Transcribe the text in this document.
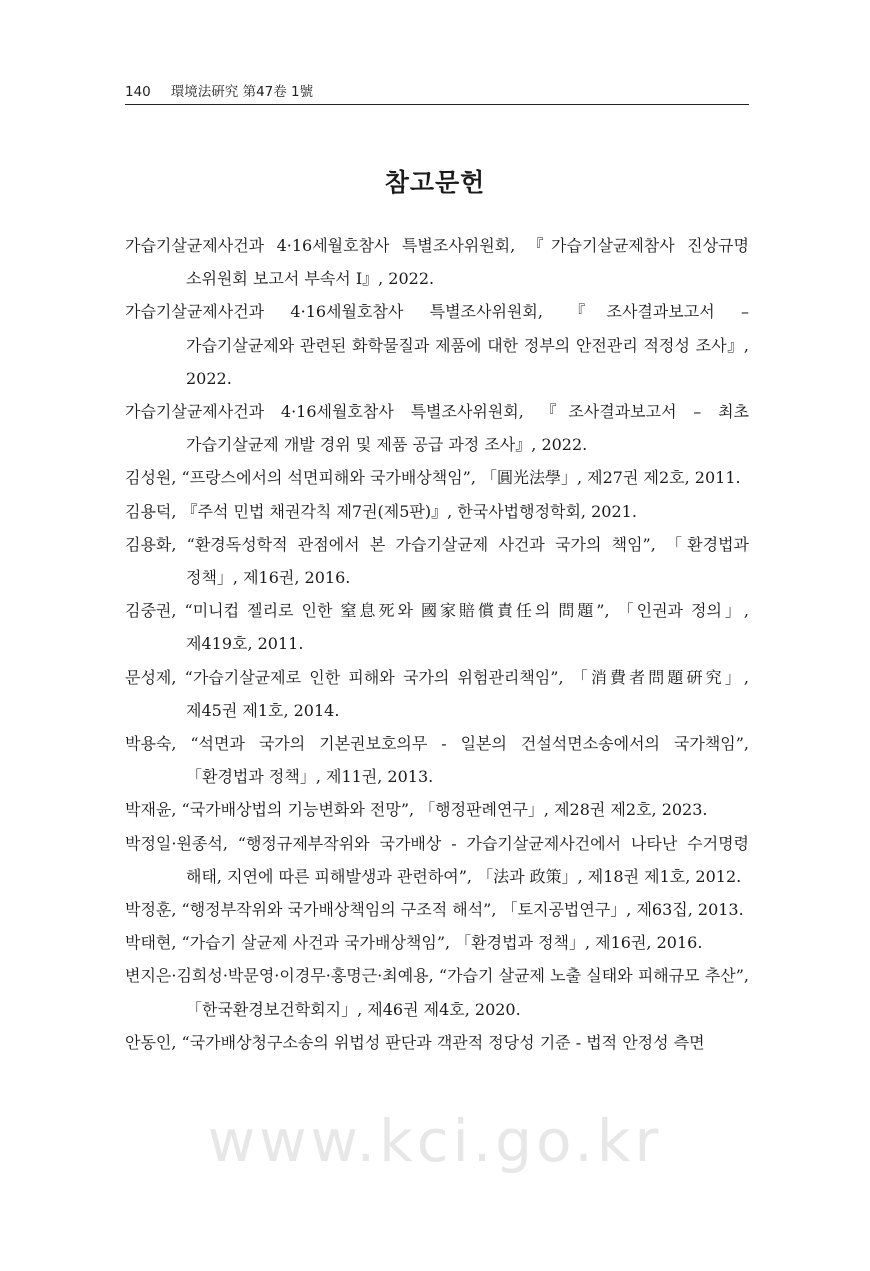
140 環境法硏究 第47卷 1號
참고문헌

가습기살균제사건과 4·16세월호참사 특별조사위원회, 『가습기살균제참사 진상규명 소위원회 보고서 부속서 Ⅰ』, 2022.

가습기살균제사건과 4·16세월호참사 특별조사위원회, 『조사결과보고서 – 가습기살균제와 관련된 화학물질과 제품에 대한 정부의 안전관리 적정성 조사』, 2022.

가습기살균제사건과 4·16세월호참사 특별조사위원회, 『조사결과보고서 – 최초 가습기살균제 개발 경위 및 제품 공급 과정 조사』, 2022.

김성원, “프랑스에서의 석면피해와 국가배상책임”, 「圓光法學」, 제27권 제2호, 2011.

김용덕, 『주석 민법 채권각칙 제7권(제5판)』, 한국사법행정학회, 2021.

김용화, “환경독성학적 관점에서 본 가습기살균제 사건과 국가의 책임”, 「환경법과 정책」, 제16권, 2016.

김중권, “미니컵 젤리로 인한 窒息死와 國家賠償責任의 問題”, 「인권과 정의」, 제419호, 2011.

문성제, “가습기살균제로 인한 피해와 국가의 위험관리책임”, 「消費者問題硏究」, 제45권 제1호, 2014.

박용숙, “석면과 국가의 기본권보호의무 - 일본의 건설석면소송에서의 국가책임”, 「환경법과 정책」, 제11권, 2013.

박재윤, “국가배상법의 기능변화와 전망”, 「행정판례연구」, 제28권 제2호, 2023.

박정일·원종석, “행정규제부작위와 국가배상 - 가습기살균제사건에서 나타난 수거명령 해태, 지연에 따른 피해발생과 관련하여”, 「法과 政策」, 제18권 제1호, 2012.

박정훈, “행정부작위와 국가배상책임의 구조적 해석”, 「토지공법연구」, 제63집, 2013.

박태현, “가습기 살균제 사건과 국가배상책임”, 「환경법과 정책」, 제16권, 2016.

변지은·김희성·박문영·이경무·홍명근·최예용, “가습기 살균제 노출 실태와 피해규모 추산”, 「한국환경보건학회지」, 제46권 제4호, 2020.

안동인, “국가배상청구소송의 위법성 판단과 객관적 정당성 기준 - 법적 안정성 측면

www.kci.go.kr
